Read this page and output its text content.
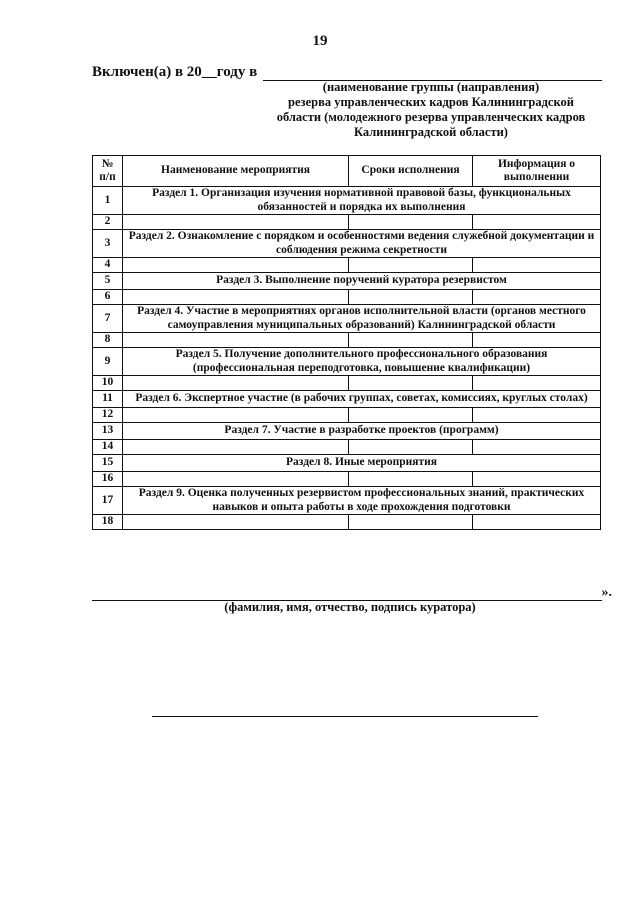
19
Включен(а) в 20__году в
(наименование группы (направления)
резерва управленческих кадров Калининградской
области (молодежного резерва управленческих кадров
Калининградской области)
№ п/п	Наименование мероприятия	Сроки исполнения	Информация о выполнении
1	Раздел 1. Организация изучения нормативной правовой базы, функциональных обязанностей и порядка их выполнения		
2			
3	Раздел 2. Ознакомление с порядком и особенностями ведения служебной документации и соблюдения режима секретности		
4			
5	Раздел 3. Выполнение поручений куратора резервистом		
6			
7	Раздел 4. Участие в мероприятиях органов исполнительной власти (органов местного самоуправления муниципальных образований) Калининградской области		
8			
9	Раздел 5. Получение дополнительного профессионального образования (профессиональная переподготовка, повышение квалификации)		
10			
11	Раздел 6. Экспертное участие (в рабочих группах, советах, комиссиях, круглых столах)		
12			
13	Раздел 7. Участие в разработке проектов (программ)		
14			
15	Раздел 8. Иные мероприятия		
16			
17	Раздел 9. Оценка полученных резервистом профессиональных знаний, практических навыков и опыта работы в ходе прохождения подготовки		
18			
».
(фамилия, имя, отчество, подпись куратора)
